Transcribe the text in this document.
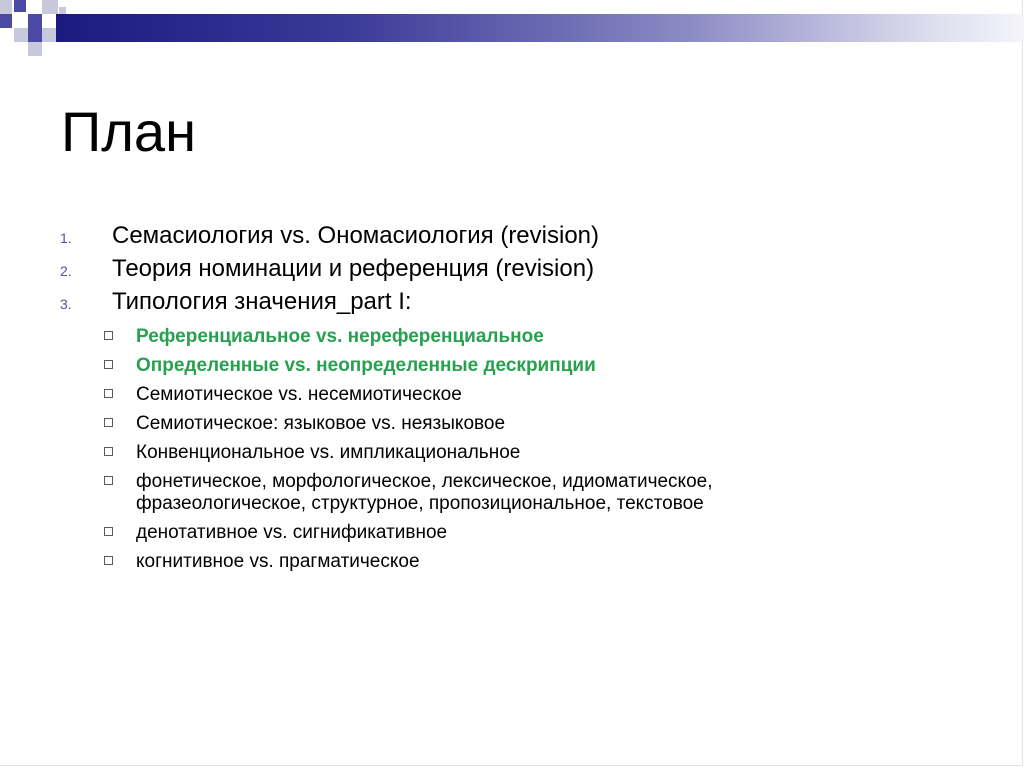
План
1.	Семасиология vs. Ономасиология (revision)
2.	Теория номинации и референция (revision)
3.	Типология значения_part I:
Референциальное vs. нереференциальное
Определенные vs. неопределенные дескрипции
Семиотическое vs. несемиотическое
Семиотическое: языковое vs. неязыковое
Конвенциональное vs. импликациональное
фонетическое, морфологическое, лексическое, идиоматическое,
фразеологическое, структурное, пропозициональное, текстовое
денотативное vs. сигнификативное
когнитивное vs. прагматическое
